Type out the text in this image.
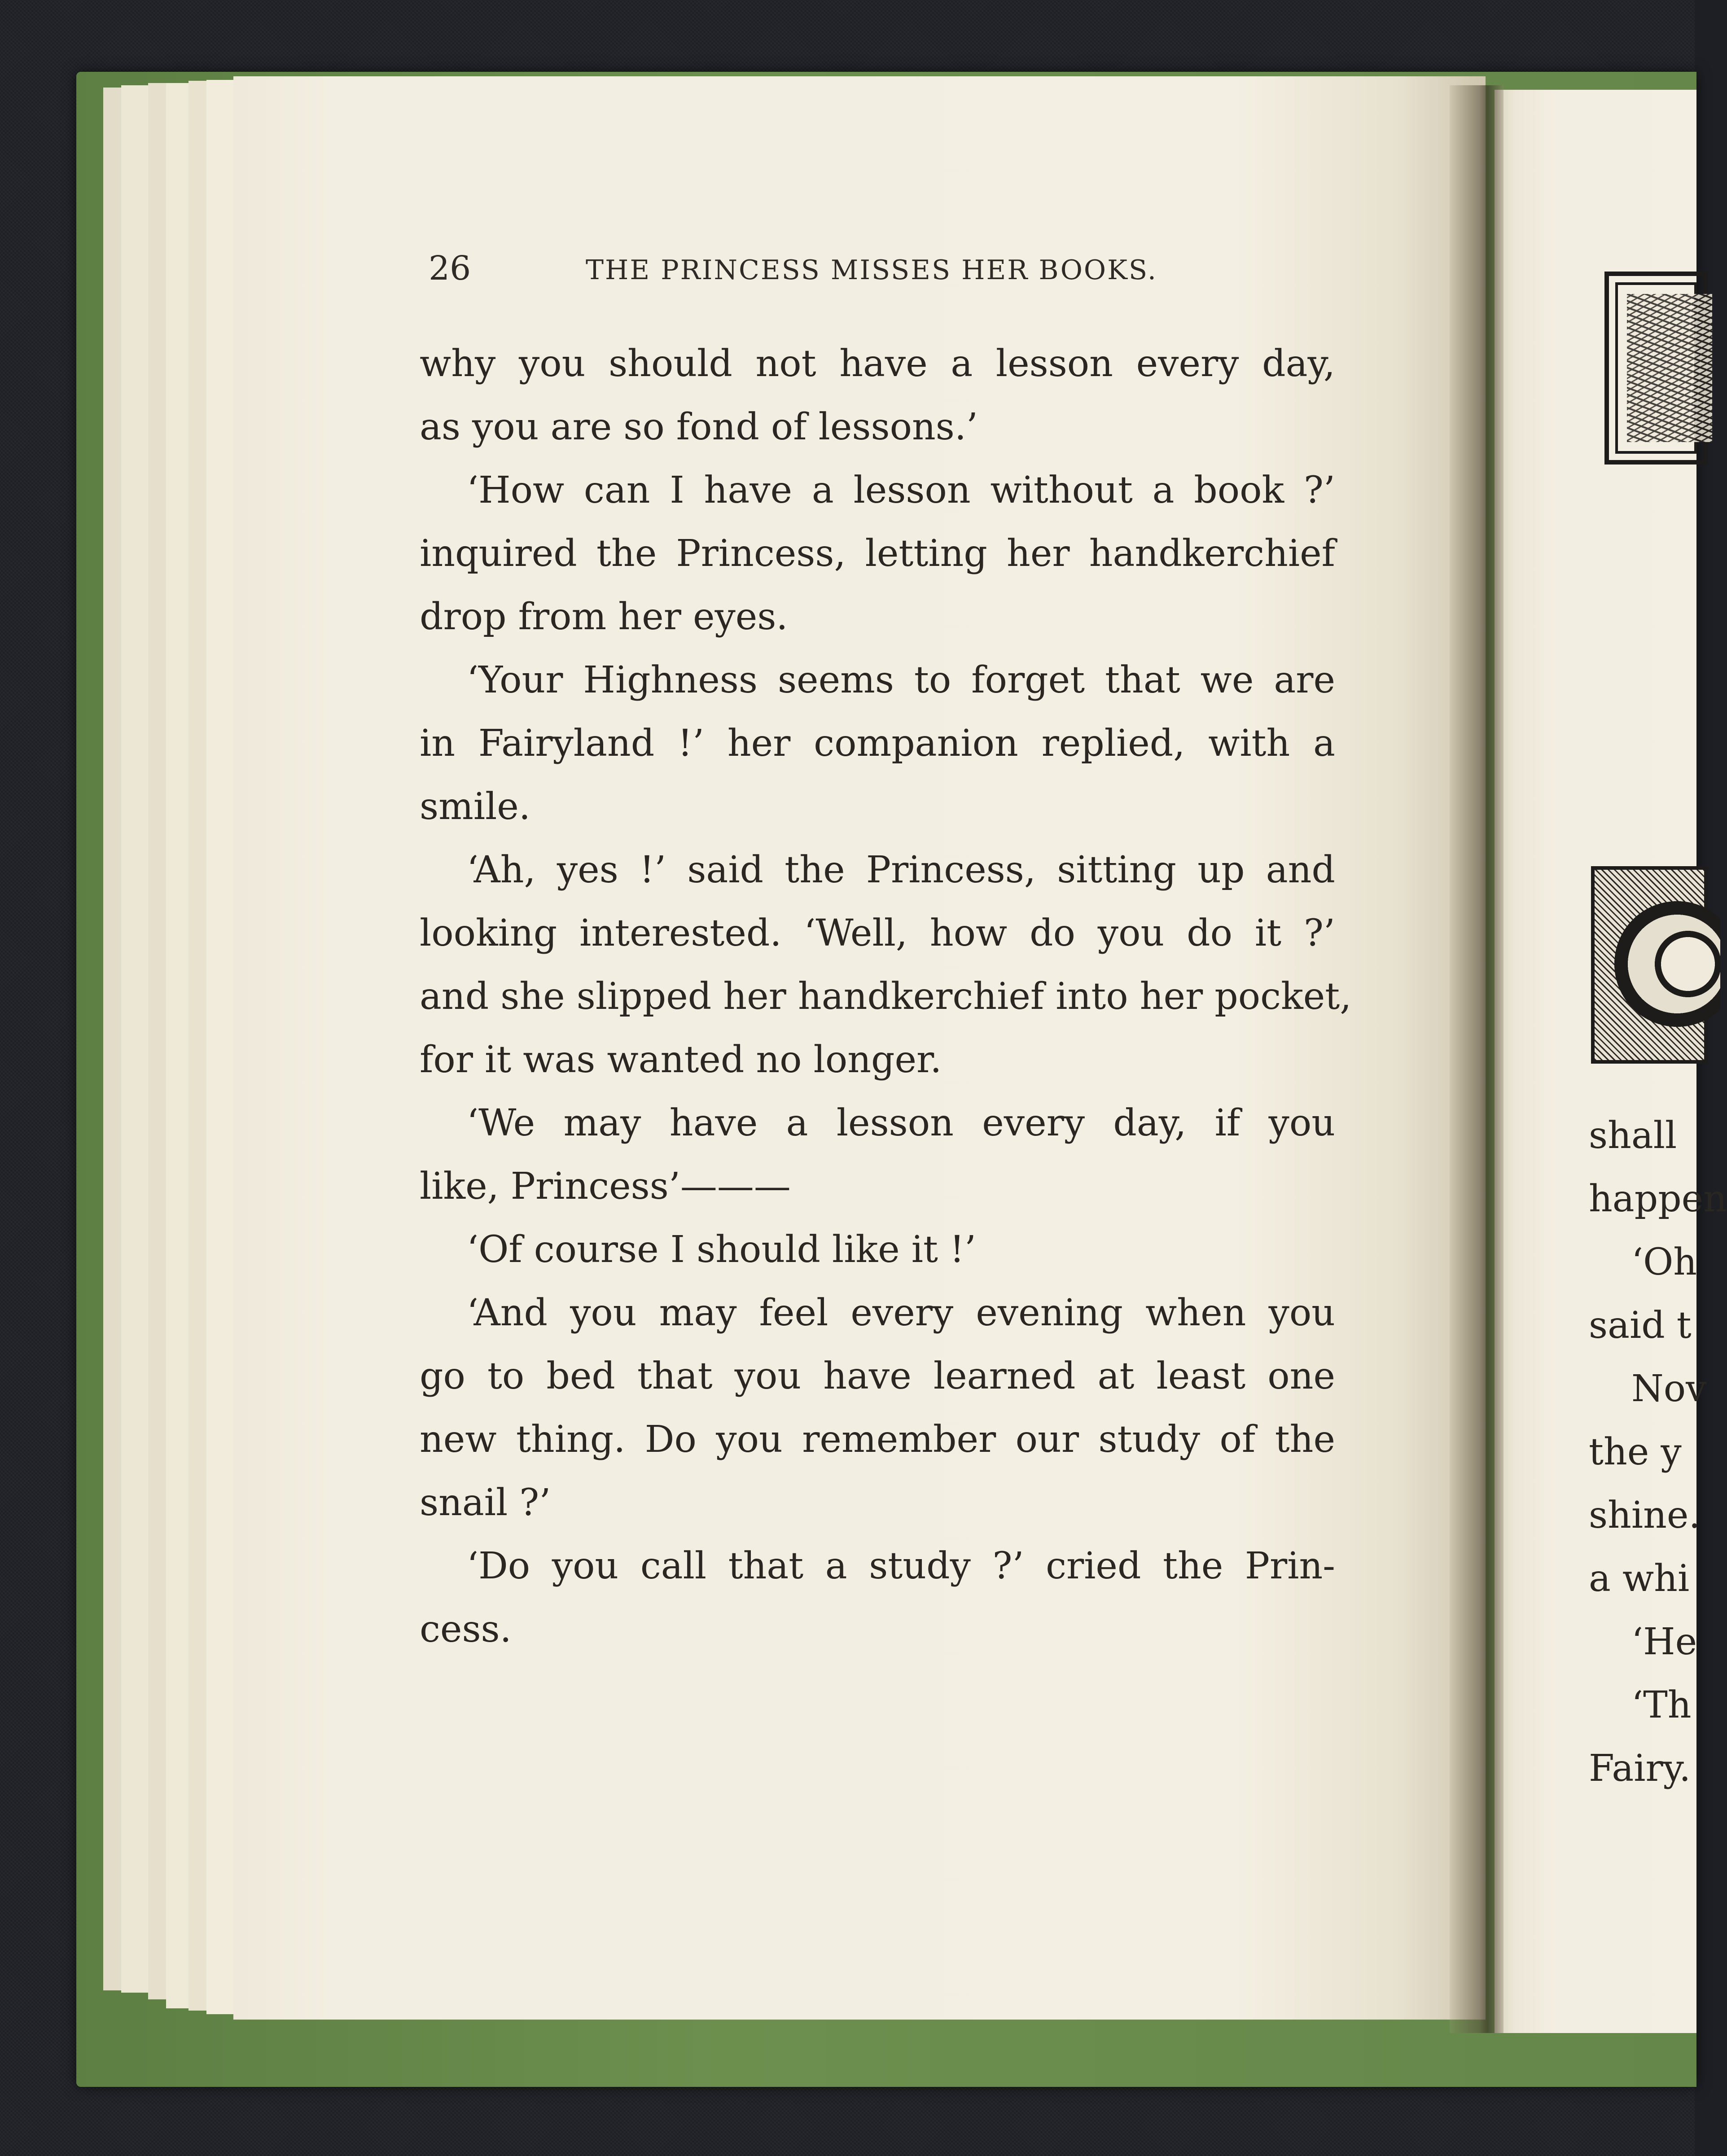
26	THE PRINCESS MISSES HER BOOKS.
why you should not have a lesson every day,
as you are so fond of lessons.’
‘How can I have a lesson without a book ?’
inquired the Princess, letting her handkerchief
drop from her eyes.
‘Your Highness seems to forget that we are
in Fairyland !’ her companion replied, with a
smile.
‘Ah, yes !’ said the Princess, sitting up and
looking interested. ‘Well, how do you do it ?’
and she slipped her handkerchief into her pocket,
for it was wanted no longer.
‘We may have a lesson every day, if you
like, Princess’———
‘Of course I should like it !’
‘And you may feel every evening when you
go to bed that you have learned at least one
new thing. Do you remember our study of the
snail ?’
‘Do you call that a study ?’ cried the Prin-
cess.
shall
happen
‘Oh
said t
Nov
the y
shine.
a whi
‘He
‘Th
Fairy.
